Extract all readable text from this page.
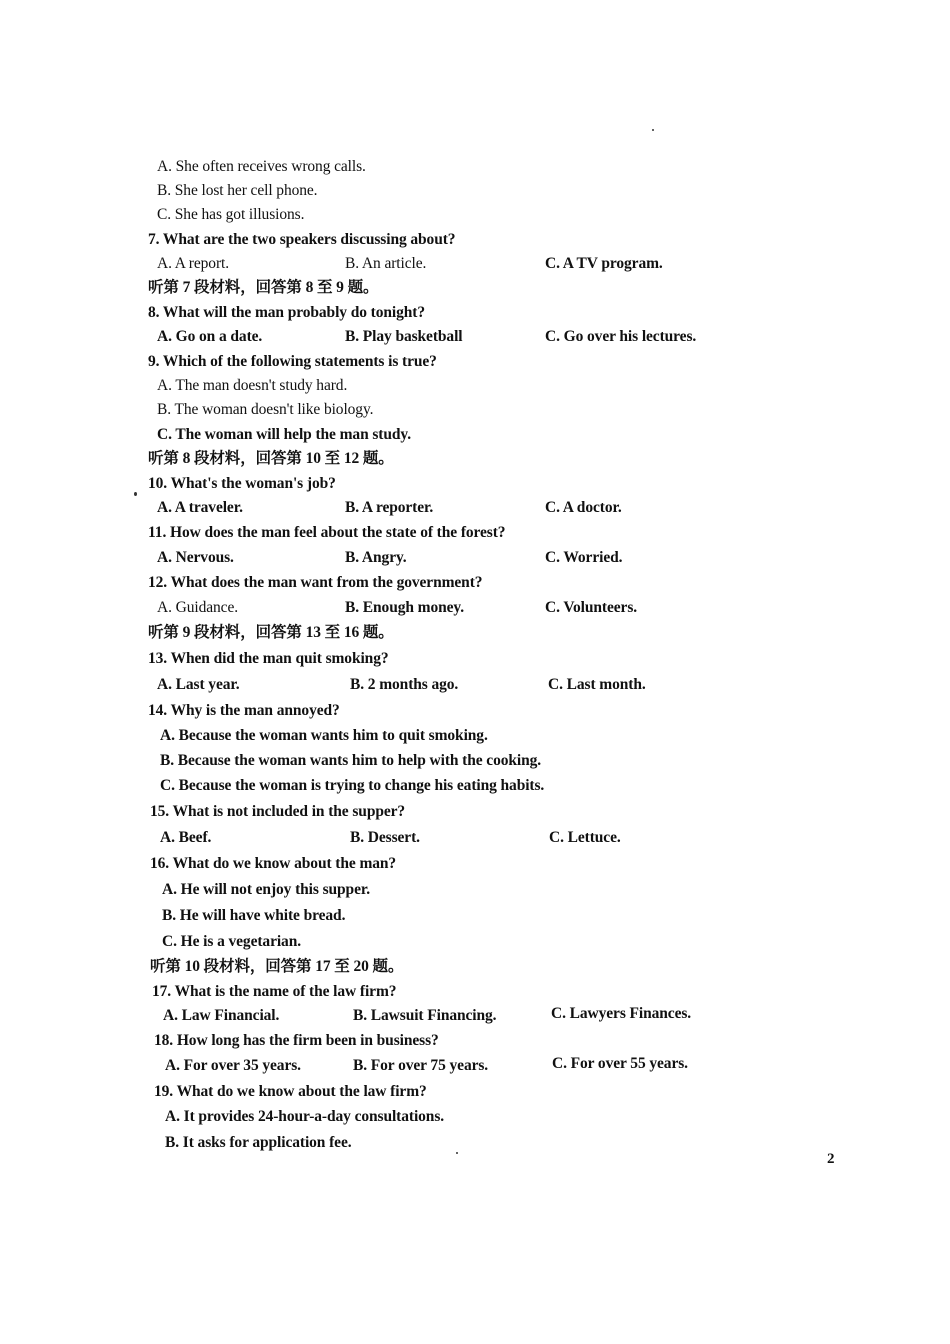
A. She often receives wrong calls.
B. She lost her cell phone.
C. She has got illusions.
7. What are the two speakers discussing about?
A. A report.	B. An article.	C. A TV program.
听第 7 段材料，回答第 8 至 9 题。
8. What will the man probably do tonight?
A. Go on a date.	B. Play basketball	C. Go over his lectures.
9. Which of the following statements is true?
A. The man doesn't study hard.
B. The woman doesn't like biology.
C. The woman will help the man study.
听第 8 段材料，回答第 10 至 12 题。
10. What's the woman's job?
A. A traveler.	B. A reporter.	C. A doctor.
11. How does the man feel about the state of the forest?
A. Nervous.	B. Angry.	C. Worried.
12. What does the man want from the government?
A. Guidance.	B. Enough money.	C. Volunteers.
听第 9 段材料，回答第 13 至 16 题。
13. When did the man quit smoking?
A. Last year.	B. 2 months ago.	C. Last month.
14. Why is the man annoyed?
A. Because the woman wants him to quit smoking.
B. Because the woman wants him to help with the cooking.
C. Because the woman is trying to change his eating habits.
15. What is not included in the supper?
A. Beef.	B. Dessert.	C. Lettuce.
16. What do we know about the man?
A. He will not enjoy this supper.
B. He will have white bread.
C. He is a vegetarian.
听第 10 段材料，回答第 17 至 20 题。
17. What is the name of the law firm?
A. Law Financial.	B. Lawsuit Financing.	C. Lawyers Finances.
18. How long has the firm been in business?
A. For over 35 years.	B. For over 75 years.	C. For over 55 years.
19. What do we know about the law firm?
A. It provides 24-hour-a-day consultations.
B. It asks for application fee.
2
